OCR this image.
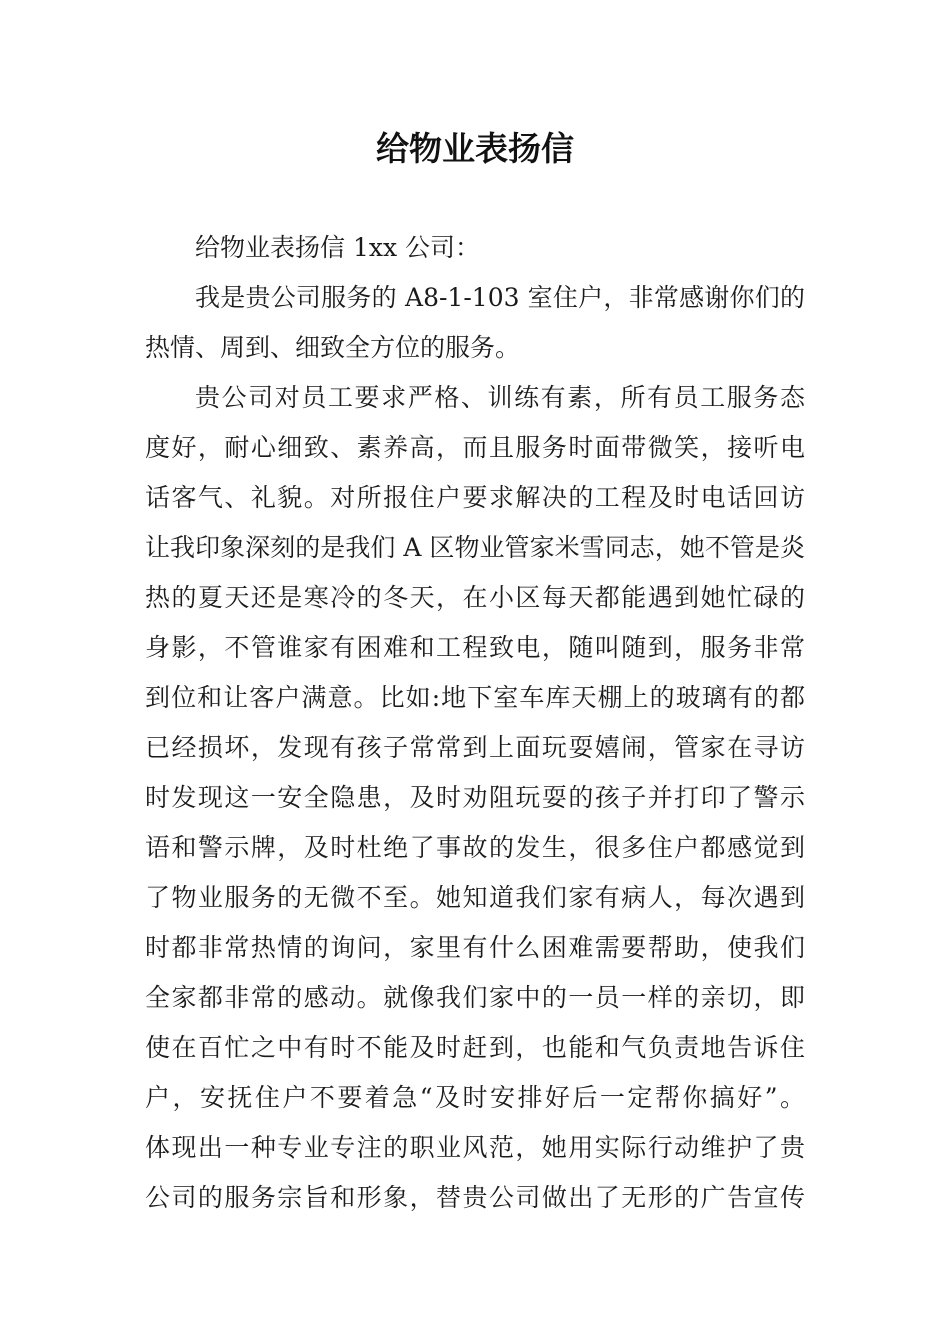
给物业表扬信
给物业表扬信 1xx 公司：
我是贵公司服务的 A8-1-103 室住户，非常感谢你们的
热情、周到、细致全方位的服务。
贵公司对员工要求严格、训练有素，所有员工服务态
度好，耐心细致、素养高，而且服务时面带微笑，接听电
话客气、礼貌。对所报住户要求解决的工程及时电话回访
让我印象深刻的是我们 A 区物业管家米雪同志，她不管是炎
热的夏天还是寒冷的冬天，在小区每天都能遇到她忙碌的
身影，不管谁家有困难和工程致电，随叫随到，服务非常
到位和让客户满意。比如:地下室车库天棚上的玻璃有的都
已经损坏，发现有孩子常常到上面玩耍嬉闹，管家在寻访
时发现这一安全隐患，及时劝阻玩耍的孩子并打印了警示
语和警示牌，及时杜绝了事故的发生，很多住户都感觉到
了物业服务的无微不至。她知道我们家有病人，每次遇到
时都非常热情的询问，家里有什么困难需要帮助，使我们
全家都非常的感动。就像我们家中的一员一样的亲切，即
使在百忙之中有时不能及时赶到，也能和气负责地告诉住
户，安抚住户不要着急“及时安排好后一定帮你搞好”。
体现出一种专业专注的职业风范，她用实际行动维护了贵
公司的服务宗旨和形象，替贵公司做出了无形的广告宣传
